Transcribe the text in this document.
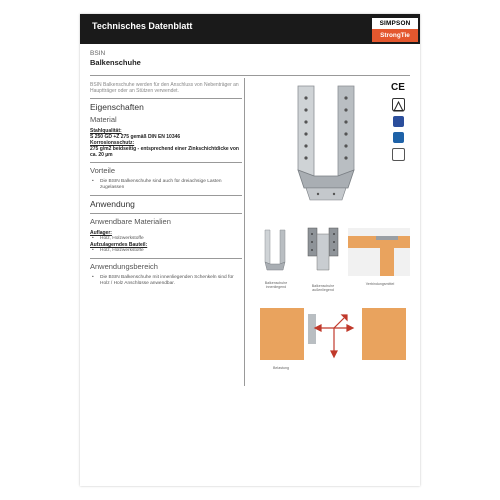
Technisches Datenblatt	SIMPSON
StrongTie
BSIN
Balkenschuhe
BSIN Balkenschuhe werden für den Anschluss von Nebenträger an Hauptträger oder an Stützen verwendet.
Eigenschaften
Material
Stahlqualität:
S 250 GD +Z 275 gemäß DIN EN 10346
Korrosionsschutz:
275 g/m2 beidseitig - entsprechend einer Zinkschichtdicke von ca. 20 µm
Vorteile
• Die BSIN Balkenschuhe sind auch für dreiachsige Lasten zugelassen
Anwendung
Anwendbare Materialien
Auflager:
• Holz, Holzwerkstoffe
Aufzulagerndes Bauteil:
• Holz, Holzwerkstoffe
Anwendungsbereich
• Die BSIN Balkenschuhe mit innenliegenden Schenkeln sind für Holz / Holz Anschlüsse anwendbar.
CE
Balkenschuhe innenliegend	Balkenschuhe außenliegend
Verbindungsmittel
Belastung
